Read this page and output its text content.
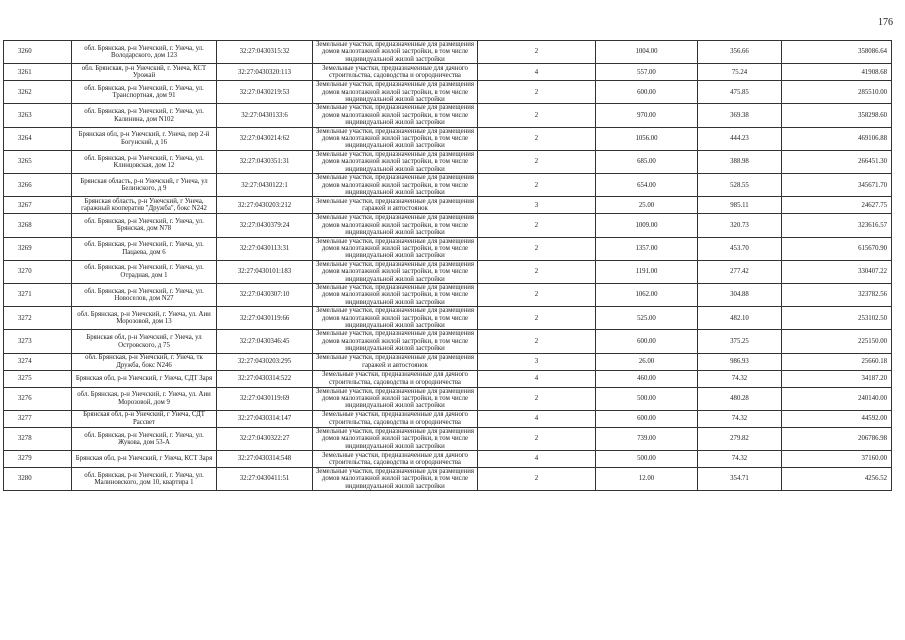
176
3260	обл. Брянская, р-н Унечский, г. Унеча, ул. Володарского, дом 123	32:27:0430315:32	Земельные участки, предназначенные для размещения домов малоэтажной жилой застройки, в том числе индивидуальной жилой застройки	2	1004.00	356.66	358086.64
3261	обл. Брянская, р-н Унечский, г. Унеча, КСТ Урожай	32:27:0430320:113	Земельные участки, предназначенные для дачного строительства, садоводства и огородничества	4	557.00	75.24	41908.68
3262	обл. Брянская, р-н Унечский, г. Унеча, ул. Транспортная, дом 91	32:27:0430219:53	Земельные участки, предназначенные для размещения домов малоэтажной жилой застройки, в том числе индивидуальной жилой застройки	2	600.00	475.85	285510.00
3263	обл. Брянская, р-н Унечский, г. Унеча, ул. Калинина, дом N102	32:27:0430133:6	Земельные участки, предназначенные для размещения домов малоэтажной жилой застройки, в том числе индивидуальной жилой застройки	2	970.00	369.38	358298.60
3264	Брянская обл, р-н Унечский, г. Унеча, пер 2-й Богунский, д 16	32:27:0430214:62	Земельные участки, предназначенные для размещения домов малоэтажной жилой застройки, в том числе индивидуальной жилой застройки	2	1056.00	444.23	469106.88
3265	обл. Брянская, р-н Унечский, г. Унеча, ул. Клинцовская, дом 12	32:27:0430351:31	Земельные участки, предназначенные для размещения домов малоэтажной жилой застройки, в том числе индивидуальной жилой застройки	2	685.00	388.98	266451.30
3266	Брянская область, р-н Унечский, г Унеча, ул Белинского, д 9	32:27:0430122:1	Земельные участки, предназначенные для размещения домов малоэтажной жилой застройки, в том числе индивидуальной жилой застройки	2	654.00	528.55	345671.70
3267	Брянская область, р-н Унечский, г Унеча, гаражный кооператив "Дружба", бокс N242	32:27:0430203:212	Земельные участки, предназначенные для размещения гаражей и автостоянок	3	25.00	985.11	24627.75
3268	обл. Брянская, р-н Унечский, г. Унеча, ул. Брянская, дом N78	32:27:0430379:24	Земельные участки, предназначенные для размещения домов малоэтажной жилой застройки, в том числе индивидуальной жилой застройки	2	1009.00	320.73	323616.57
3269	обл. Брянская, р-н Унечский, г. Унеча, ул. Пацаева, дом 6	32:27:0430113:31	Земельные участки, предназначенные для размещения домов малоэтажной жилой застройки, в том числе индивидуальной жилой застройки	2	1357.00	453.70	615670.90
3270	обл. Брянская, р-н Унечский, г. Унеча, ул. Отрадная, дом 1	32:27:0430101:183	Земельные участки, предназначенные для размещения домов малоэтажной жилой застройки, в том числе индивидуальной жилой застройки	2	1191.00	277.42	330407.22
3271	обл. Брянская, р-н Унечский, г. Унеча, ул. Новоселов, дом N27	32:27:0430307:10	Земельные участки, предназначенные для размещения домов малоэтажной жилой застройки, в том числе индивидуальной жилой застройки	2	1062.00	304.88	323782.56
3272	обл. Брянская, р-н Унечский, г. Унеча, ул. Аии Морозовой, дом 13	32:27:0430119:66	Земельные участки, предназначенные для размещения домов малоэтажной жилой застройки, в том числе индивидуальной жилой застройки	2	525.00	482.10	253102.50
3273	Брянская обл, р-н Унечский, г Унеча, ул Островского, д 75	32:27:0430346:45	Земельные участки, предназначенные для размещения домов малоэтажной жилой застройки, в том числе индивидуальной жилой застройки	2	600.00	375.25	225150.00
3274	обл. Брянская, р-н Унечский, г. Унеча, тк Дружба, бокс N246	32:27:0430203:295	Земельные участки, предназначенные для размещения гаражей и автостоянок	3	26.00	986.93	25660.18
3275	Брянская обл, р-н Унечский, г Унеча, СДТ Заря	32:27:0430314:522	Земельные участки, предназначенные для дачного строительства, садоводства и огородничества	4	460.00	74.32	34187.20
3276	обл. Брянская, р-н Унечский, г. Унеча, ул. Аии Морозовой, дом 9	32:27:0430119:69	Земельные участки, предназначенные для размещения домов малоэтажной жилой застройки, в том числе индивидуальной жилой застройки	2	500.00	480.28	240140.00
3277	Брянская обл, р-н Унечский, г Унеча, СДТ Рассвет	32:27:0430314:147	Земельные участки, предназначенные для дачного строительства, садоводства и огородничества	4	600.00	74.32	44592.00
3278	обл. Брянская, р-н Унечский, г. Унеча, ул. Жукова, дом 53-А	32:27:0430322:27	Земельные участки, предназначенные для размещения домов малоэтажной жилой застройки, в том числе индивидуальной жилой застройки	2	739.00	279.82	206786.98
3279	Брянская обл, р-н Унечский, г Унеча, КСТ Заря	32:27:0430314:548	Земельные участки, предназначенные для дачного строительства, садоводства и огородничества	4	500.00	74.32	37160.00
3280	обл. Брянская, р-н Унечский, г. Унеча, ул. Малиновского, дом 10, квартира 1	32:27:0430411:51	Земельные участки, предназначенные для размещения домов малоэтажной жилой застройки, в том числе индивидуальной жилой застройки	2	12.00	354.71	4256.52
